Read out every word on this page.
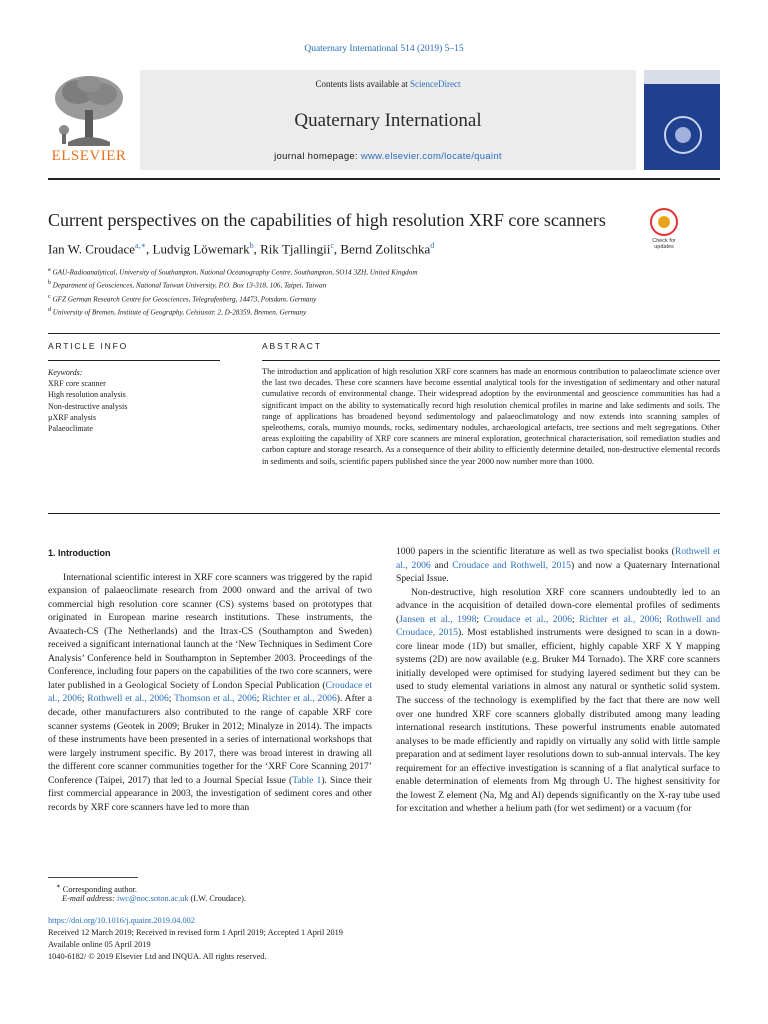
Quaternary International 514 (2019) 5–15
ELSEVIER
Contents lists available at ScienceDirect
Quaternary International
journal homepage: www.elsevier.com/locate/quaint
Current perspectives on the capabilities of high resolution XRF core scanners
Check for
updates
Ian W. Croudace$^{a,∗}$, Ludvig Löwemark$^b$, Rik Tjallingii$^c$, Bernd Zolitschka$^d$
$^a$ GAU-Radioanalytical, University of Southampton, National Oceanography Centre, Southampton, SO14 3ZH, United Kingdom
$^b$ Department of Geosciences, National Taiwan University, P.O. Box 13-318, 106, Taipei, Taiwan
$^c$ GFZ German Research Centre for Geosciences, Telegrafenberg, 14473, Potsdam, Germany
$^d$ University of Bremen, Institute of Geography, Celsiusstr. 2, D-28359, Bremen, Germany
ARTICLE INFO	ABSTRACT
Keywords:
XRF core scanner
High resolution analysis
Non-destructive analysis
µXRF analysis
Palaeoclimate
The introduction and application of high resolution XRF core scanners has made an enormous contribution to palaeoclimate science over the last two decades. These core scanners have become essential analytical tools for the investigation of sedimentary and other natural cumulative records of environmental change. Their widespread adoption by the environmental and geoscience communities has had a significant impact on the ability to systematically record high resolution chemical profiles in marine and lake sediments and soils. The range of applications has broadened beyond sedimentology and palaeoclimatology and now extends into scanning samples of speleothems, corals, mumiyo mounds, rocks, sedimentary nodules, archaeological artefacts, tree sections and melt segregations. Other areas exploiting the capability of XRF core scanners are mineral exploration, geotechnical characterisation, soil remediation studies and carbon capture and storage research. As a consequence of their ability to efficiently determine detailed, non-destructive elemental records in sediments and soils, scientific papers published since the year 2000 now number more than 1000.
1. Introduction

International scientific interest in XRF core scanners was triggered by the rapid expansion of palaeoclimate research from 2000 onward and the arrival of two commercial high resolution core scanner (CS) systems based on prototypes that originated in European marine research institutions. These instruments, the Avaatech-CS (The Netherlands) and the Itrax-CS (Southampton and Sweden) received a significant international launch at the ‘New Techniques in Sediment Core Analysis’ Conference held in Southampton in September 2003. Proceedings of the Conference, including four papers on the capabilities of the two core scanners, were later published in a Geological Society of London Special Publication (Croudace et al., 2006; Rothwell et al., 2006; Thomson et al., 2006; Richter et al., 2006). After a decade, other manufacturers also contributed to the range of capable XRF core scanner systems (Geotek in 2009; Bruker in 2012; Minalyze in 2014). The impacts of these instruments have been presented in a series of international workshops that were largely instrument specific. By 2017, there was broad interest in drawing all the different core scanner communities together for the ‘XRF Core Scanning 2017’ Conference (Taipei, 2017) that led to a Journal Special Issue (Table 1). Since their first commercial appearance in 2003, the investigation of sediment cores and other records by XRF core scanners have led to more than

1000 papers in the scientific literature as well as two specialist books (Rothwell et al., 2006 and Croudace and Rothwell, 2015) and now a Quaternary International Special Issue.

Non-destructive, high resolution XRF core scanners undoubtedly led to an advance in the acquisition of detailed down-core elemental profiles of sediments (Jansen et al., 1998; Croudace et al., 2006; Richter et al., 2006; Rothwell and Croudace, 2015). Most established instruments were designed to scan in a down-core linear mode (1D) but smaller, efficient, highly capable XRF X Y mapping systems (2D) are now available (e.g. Bruker M4 Tornado). The XRF core scanners initially developed were optimised for studying layered sediment but they can be used to study elemental variations in almost any natural or synthetic solid system. The success of the technology is exemplified by the fact that there are now well over one hundred XRF core scanners globally distributed among many leading international research institutions. These powerful instruments enable automated analyses to be made efficiently and rapidly on virtually any solid with little sample preparation and at sediment layer resolutions down to sub-annual intervals. The key requirement for an effective investigation is scanning of a flat analytical surface to enable determination of elements from Mg through U. The highest sensitivity for the lowest Z element (Na, Mg and Al) depends significantly on the X-ray tube used for excitation and whether a helium path (for wet sediment) or a vacuum (for

∗ Corresponding author.
E-mail address: iwc@noc.soton.ac.uk (I.W. Croudace).
https://doi.org/10.1016/j.quaint.2019.04.002
Received 12 March 2019; Received in revised form 1 April 2019; Accepted 1 April 2019
Available online 05 April 2019
1040-6182/ © 2019 Elsevier Ltd and INQUA. All rights reserved.
